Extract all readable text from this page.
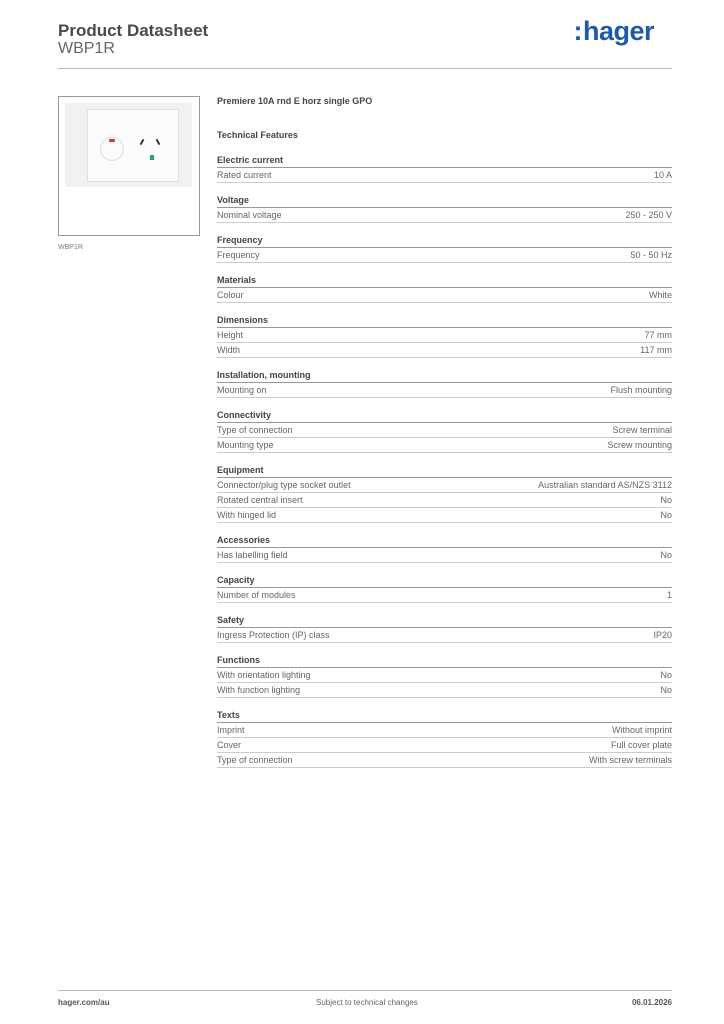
Product Datasheet
WBP1R
:hager
WBP1R
Premiere 10A rnd E horz single GPO
Technical Features
Electric current
Rated current	10 A
Voltage
Nominal voltage	250 - 250 V
Frequency
Frequency	50 - 50 Hz
Materials
Colour	White
Dimensions
Height	77 mm
Width	117 mm
Installation, mounting
Mounting on	Flush mounting
Connectivity
Type of connection	Screw terminal
Mounting type	Screw mounting
Equipment
Connector/plug type socket outlet	Australian standard AS/NZS 3112
Rotated central insert	No
With hinged lid	No
Accessories
Has labelling field	No
Capacity
Number of modules	1
Safety
Ingress Protection (IP) class	IP20
Functions
With orientation lighting	No
With function lighting	No
Texts
Imprint	Without imprint
Cover	Full cover plate
Type of connection	With screw terminals
hager.com/au	Subject to technical changes	06.01.2026
